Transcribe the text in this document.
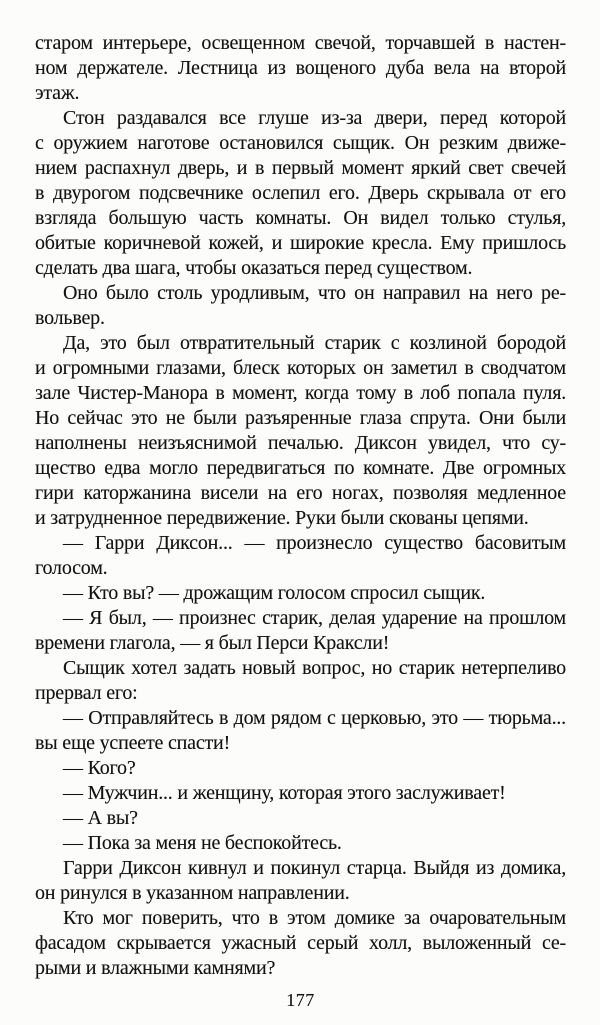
старом интерьере, освещенном свечой, торчавшей в настен-
ном держателе. Лестница из вощеного дуба вела на второй
этаж.
Стон раздавался все глуше из-за двери, перед которой
с оружием наготове остановился сыщик. Он резким движе-
нием распахнул дверь, и в первый момент яркий свет свечей
в двурогом подсвечнике ослепил его. Дверь скрывала от его
взгляда большую часть комнаты. Он видел только стулья,
обитые коричневой кожей, и широкие кресла. Ему пришлось
сделать два шага, чтобы оказаться перед существом.
Оно было столь уродливым, что он направил на него ре-
вольвер.
Да, это был отвратительный старик с козлиной бородой
и огромными глазами, блеск которых он заметил в сводчатом
зале Чистер-Манора в момент, когда тому в лоб попала пуля.
Но сейчас это не были разъяренные глаза спрута. Они были
наполнены неизъяснимой печалью. Диксон увидел, что су-
щество едва могло передвигаться по комнате. Две огромных
гири каторжанина висели на его ногах, позволяя медленное
и затрудненное передвижение. Руки были скованы цепями.
— Гарри Диксон... — произнесло существо басовитым
голосом.
— Кто вы? — дрожащим голосом спросил сыщик.
— Я был, — произнес старик, делая ударение на прошлом
времени глагола, — я был Перси Краксли!
Сыщик хотел задать новый вопрос, но старик нетерпеливо
прервал его:
— Отправляйтесь в дом рядом с церковью, это — тюрьма...
вы еще успеете спасти!
— Кого?
— Мужчин... и женщину, которая этого заслуживает!
— А вы?
— Пока за меня не беспокойтесь.
Гарри Диксон кивнул и покинул старца. Выйдя из домика,
он ринулся в указанном направлении.
Кто мог поверить, что в этом домике за очаровательным
фасадом скрывается ужасный серый холл, выложенный се-
рыми и влажными камнями?
177
